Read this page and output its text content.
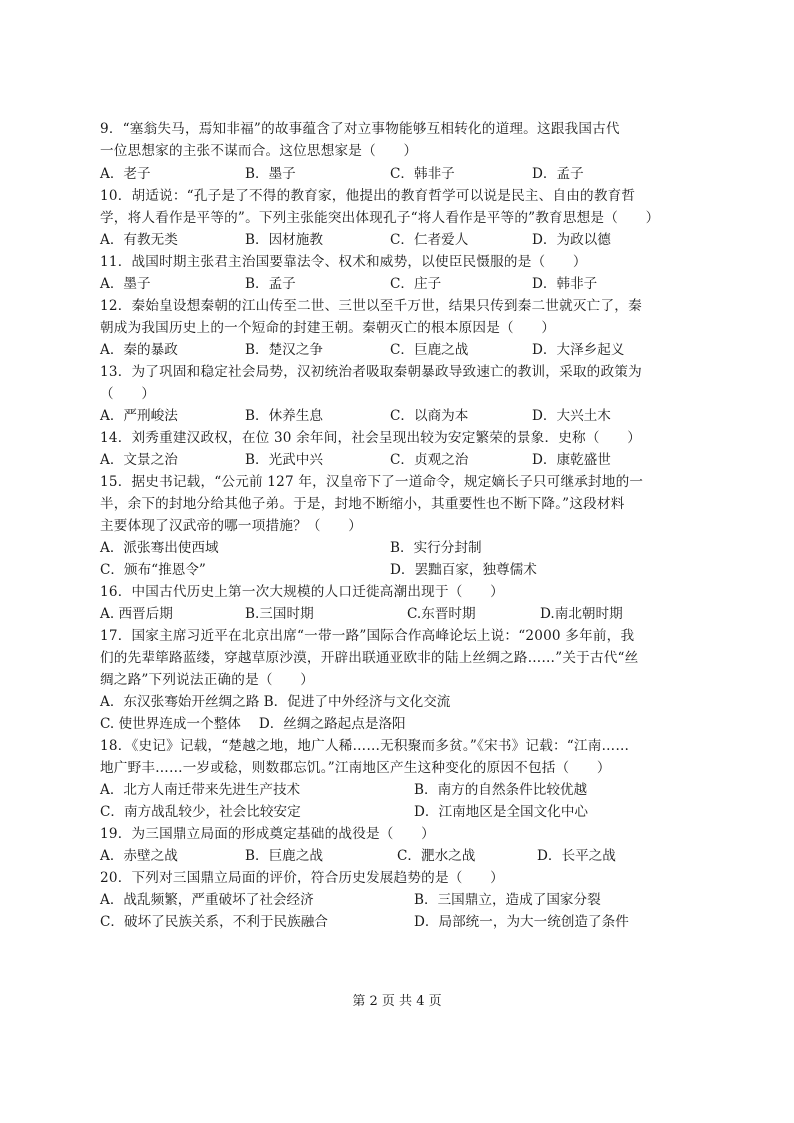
9．“塞翁失马，焉知非福”的故事蕴含了对立事物能够互相转化的道理。这跟我国古代
一位思想家的主张不谋而合。这位思想家是（　　）
A．老子	B．墨子	C．韩非子	D．孟子
10．胡适说：“孔子是了不得的教育家，他提出的教育哲学可以说是民主、自由的教育哲
学，将人看作是平等的”。下列主张能突出体现孔子“将人看作是平等的”教育思想是（　　）
A．有教无类	B．因材施教	C．仁者爱人	D．为政以德
11．战国时期主张君主治国要靠法令、权术和威势，以使臣民慑服的是（　　）
A．墨子	B．孟子	C．庄子	D．韩非子
12．秦始皇设想秦朝的江山传至二世、三世以至千万世，结果只传到秦二世就灭亡了，秦
朝成为我国历史上的一个短命的封建王朝。秦朝灭亡的根本原因是（　　）
A．秦的暴政	B．楚汉之争	C．巨鹿之战	D．大泽乡起义
13．为了巩固和稳定社会局势，汉初统治者吸取秦朝暴政导致速亡的教训，采取的政策为
（　　）
A．严刑峻法	B．休养生息	C．以商为本	D．大兴土木
14．刘秀重建汉政权，在位 30 余年间，社会呈现出较为安定繁荣的景象．史称（　　）
A．文景之治	B．光武中兴	C．贞观之治	D．康乾盛世
15．据史书记载，“公元前 127 年，汉皇帝下了一道命令，规定嫡长子只可继承封地的一
半，余下的封地分给其他子弟。于是，封地不断缩小，其重要性也不断下降。”这段材料
主要体现了汉武帝的哪一项措施？（　　）
A．派张骞出使西域	B．实行分封制
C．颁布“推恩令”	D．罢黜百家，独尊儒术
16．中国古代历史上第一次大规模的人口迁徙高潮出现于（　　）
A. 西晋后期	B.三国时期	C.东晋时期	D.南北朝时期
17．国家主席习近平在北京出席“一带一路”国际合作高峰论坛上说：“2000 多年前，我
们的先辈筚路蓝缕，穿越草原沙漠，开辟出联通亚欧非的陆上丝绸之路……”关于古代“丝
绸之路”下列说法正确的是（　　）
A．东汉张骞始开丝绸之路 B．促进了中外经济与文化交流
C. 使世界连成一个整体　 D．丝绸之路起点是洛阳
18．《史记》记载，“楚越之地，地广人稀……无积聚而多贫。”《宋书》记载：“江南……
地广野丰……一岁或稔，则数郡忘饥。”江南地区产生这种变化的原因不包括（　　）
A．北方人南迁带来先进生产技术	B．南方的自然条件比较优越
C．南方战乱较少，社会比较安定	D．江南地区是全国文化中心
19．为三国鼎立局面的形成奠定基础的战役是（　　）
A．赤壁之战	B．巨鹿之战	C．淝水之战	D．长平之战
20．下列对三国鼎立局面的评价，符合历史发展趋势的是（　　）
A．战乱频繁，严重破坏了社会经济	B．三国鼎立，造成了国家分裂
C．破坏了民族关系，不利于民族融合	D．局部统一，为大一统创造了条件
第 2 页 共 4 页
